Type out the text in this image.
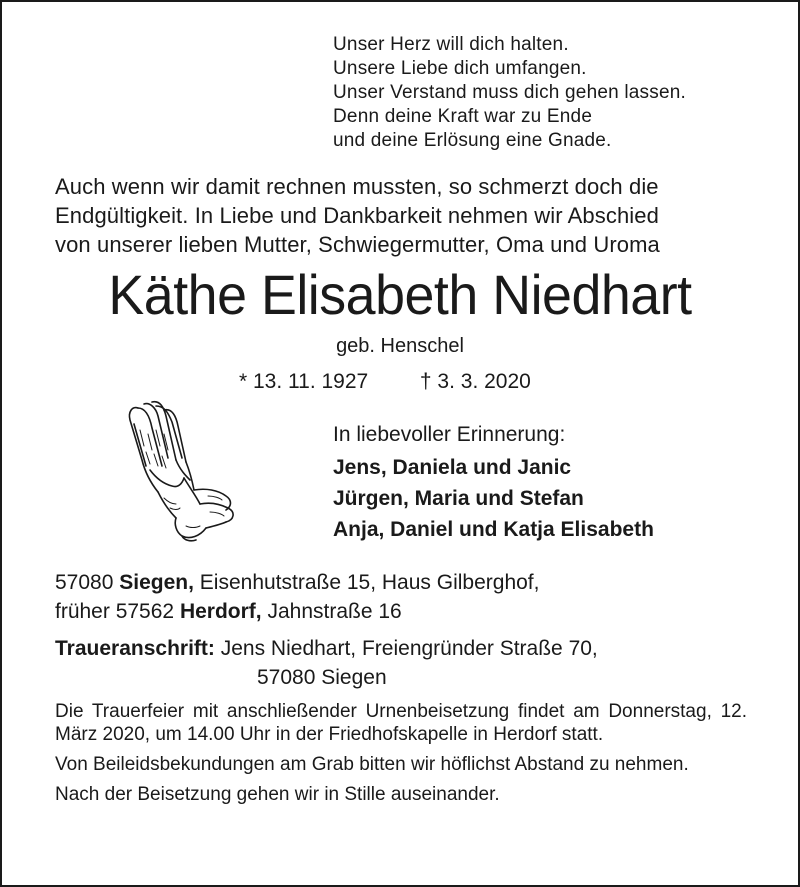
Unser Herz will dich halten.
Unsere Liebe dich umfangen.
Unser Verstand muss dich gehen lassen.
Denn deine Kraft war zu Ende
und deine Erlösung eine Gnade.
Auch wenn wir damit rechnen mussten, so schmerzt doch die
Endgültigkeit. In Liebe und Dankbarkeit nehmen wir Abschied
von unserer lieben Mutter, Schwiegermutter, Oma und Uroma
Käthe Elisabeth Niedhart
geb. Henschel
* 13. 11. 1927 † 3. 3. 2020
In liebevoller Erinnerung:
Jens, Daniela und Janic
Jürgen, Maria und Stefan
Anja, Daniel und Katja Elisabeth
57080 Siegen, Eisenhutstraße 15, Haus Gilberghof,
früher 57562 Herdorf, Jahnstraße 16
Traueranschrift: Jens Niedhart, Freiengründer Straße 70,
57080 Siegen

Die Trauerfeier mit anschließender Urnenbeisetzung findet am Donnerstag, 12. März 2020, um 14.00 Uhr in der Friedhofskapelle in Herdorf statt.

Von Beileidsbekundungen am Grab bitten wir höflichst Abstand zu nehmen.

Nach der Beisetzung gehen wir in Stille auseinander.
